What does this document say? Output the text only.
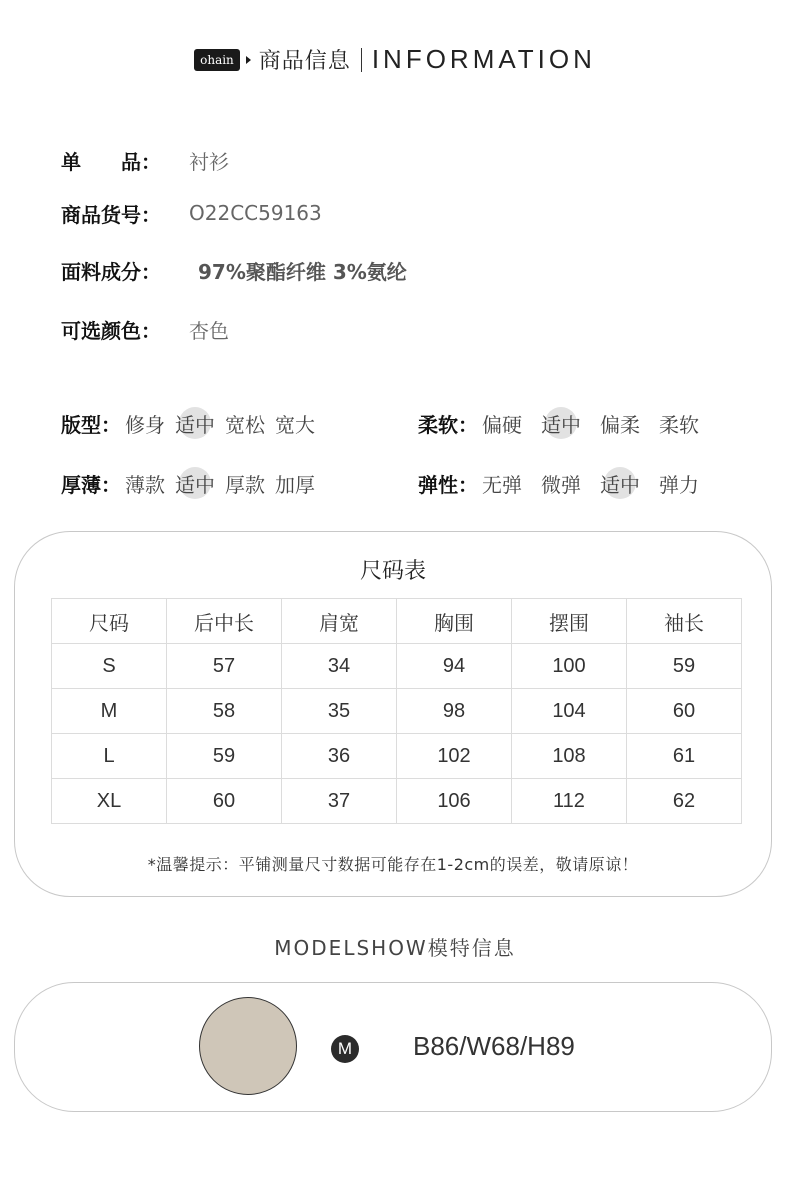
ohain 商品信息 INFORMATION
单　　品：	衬衫
商品货号：	O22CC59163
面料成分：	97%聚酯纤维 3%氨纶
可选颜色：	杏色
版型： 修身 适中 宽松 宽大	柔软： 偏硬 适中 偏柔 柔软
厚薄： 薄款 适中 厚款 加厚	弹性： 无弹 微弹 适中 弹力
尺码表
尺码	后中长	肩宽	胸围	摆围	袖长
S	57	34	94	100	59
M	58	35	98	104	60
L	59	36	102	108	61
XL	60	37	106	112	62
*温馨提示：平铺测量尺寸数据可能存在1-2cm的误差，敬请原谅！
MODELSHOW模特信息
M B86/W68/H89
